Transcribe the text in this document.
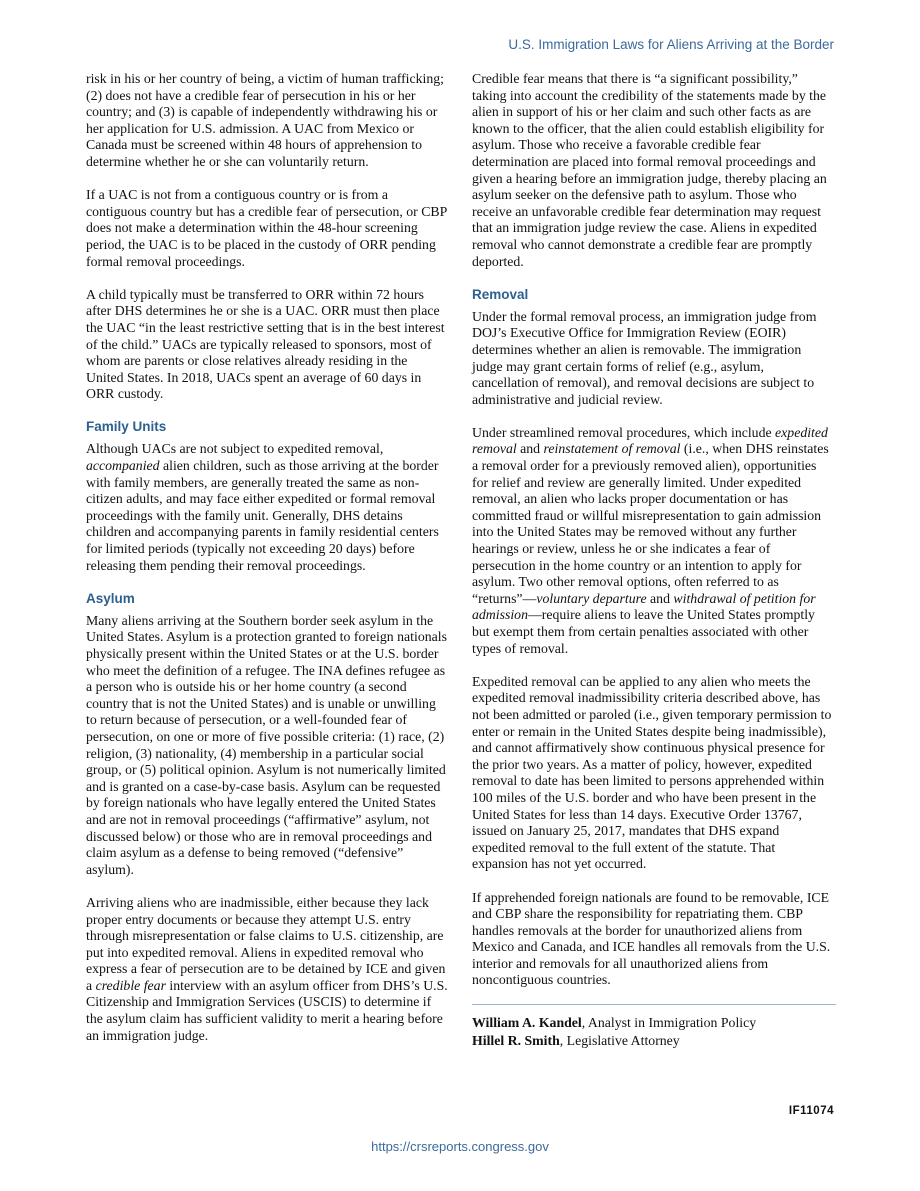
U.S. Immigration Laws for Aliens Arriving at the Border

risk in his or her country of being, a victim of human trafficking; (2) does not have a credible fear of persecution in his or her country; and (3) is capable of independently withdrawing his or her application for U.S. admission. A UAC from Mexico or Canada must be screened within 48 hours of apprehension to determine whether he or she can voluntarily return.

If a UAC is not from a contiguous country or is from a contiguous country but has a credible fear of persecution, or CBP does not make a determination within the 48-hour screening period, the UAC is to be placed in the custody of ORR pending formal removal proceedings.

A child typically must be transferred to ORR within 72 hours after DHS determines he or she is a UAC. ORR must then place the UAC “in the least restrictive setting that is in the best interest of the child.” UACs are typically released to sponsors, most of whom are parents or close relatives already residing in the United States. In 2018, UACs spent an average of 60 days in ORR custody.

Family Units

Although UACs are not subject to expedited removal, accompanied alien children, such as those arriving at the border with family members, are generally treated the same as non-citizen adults, and may face either expedited or formal removal proceedings with the family unit. Generally, DHS detains children and accompanying parents in family residential centers for limited periods (typically not exceeding 20 days) before releasing them pending their removal proceedings.

Asylum

Many aliens arriving at the Southern border seek asylum in the United States. Asylum is a protection granted to foreign nationals physically present within the United States or at the U.S. border who meet the definition of a refugee. The INA defines refugee as a person who is outside his or her home country (a second country that is not the United States) and is unable or unwilling to return because of persecution, or a well-founded fear of persecution, on one or more of five possible criteria: (1) race, (2) religion, (3) nationality, (4) membership in a particular social group, or (5) political opinion. Asylum is not numerically limited and is granted on a case-by-case basis. Asylum can be requested by foreign nationals who have legally entered the United States and are not in removal proceedings (“affirmative” asylum, not discussed below) or those who are in removal proceedings and claim asylum as a defense to being removed (“defensive” asylum).

Arriving aliens who are inadmissible, either because they lack proper entry documents or because they attempt U.S. entry through misrepresentation or false claims to U.S. citizenship, are put into expedited removal. Aliens in expedited removal who express a fear of persecution are to be detained by ICE and given a credible fear interview with an asylum officer from DHS’s U.S. Citizenship and Immigration Services (USCIS) to determine if the asylum claim has sufficient validity to merit a hearing before an immigration judge.

Credible fear means that there is “a significant possibility,” taking into account the credibility of the statements made by the alien in support of his or her claim and such other facts as are known to the officer, that the alien could establish eligibility for asylum. Those who receive a favorable credible fear determination are placed into formal removal proceedings and given a hearing before an immigration judge, thereby placing an asylum seeker on the defensive path to asylum. Those who receive an unfavorable credible fear determination may request that an immigration judge review the case. Aliens in expedited removal who cannot demonstrate a credible fear are promptly deported.

Removal

Under the formal removal process, an immigration judge from DOJ’s Executive Office for Immigration Review (EOIR) determines whether an alien is removable. The immigration judge may grant certain forms of relief (e.g., asylum, cancellation of removal), and removal decisions are subject to administrative and judicial review.

Under streamlined removal procedures, which include expedited removal and reinstatement of removal (i.e., when DHS reinstates a removal order for a previously removed alien), opportunities for relief and review are generally limited. Under expedited removal, an alien who lacks proper documentation or has committed fraud or willful misrepresentation to gain admission into the United States may be removed without any further hearings or review, unless he or she indicates a fear of persecution in the home country or an intention to apply for asylum. Two other removal options, often referred to as “returns”—voluntary departure and withdrawal of petition for admission—require aliens to leave the United States promptly but exempt them from certain penalties associated with other types of removal.

Expedited removal can be applied to any alien who meets the expedited removal inadmissibility criteria described above, has not been admitted or paroled (i.e., given temporary permission to enter or remain in the United States despite being inadmissible), and cannot affirmatively show continuous physical presence for the prior two years. As a matter of policy, however, expedited removal to date has been limited to persons apprehended within 100 miles of the U.S. border and who have been present in the United States for less than 14 days. Executive Order 13767, issued on January 25, 2017, mandates that DHS expand expedited removal to the full extent of the statute. That expansion has not yet occurred.

If apprehended foreign nationals are found to be removable, ICE and CBP share the responsibility for repatriating them. CBP handles removals at the border for unauthorized aliens from Mexico and Canada, and ICE handles all removals from the U.S. interior and removals for all unauthorized aliens from noncontiguous countries.

William A. Kandel, Analyst in Immigration Policy
Hillel R. Smith, Legislative Attorney
IF11074
https://crsreports.congress.gov
